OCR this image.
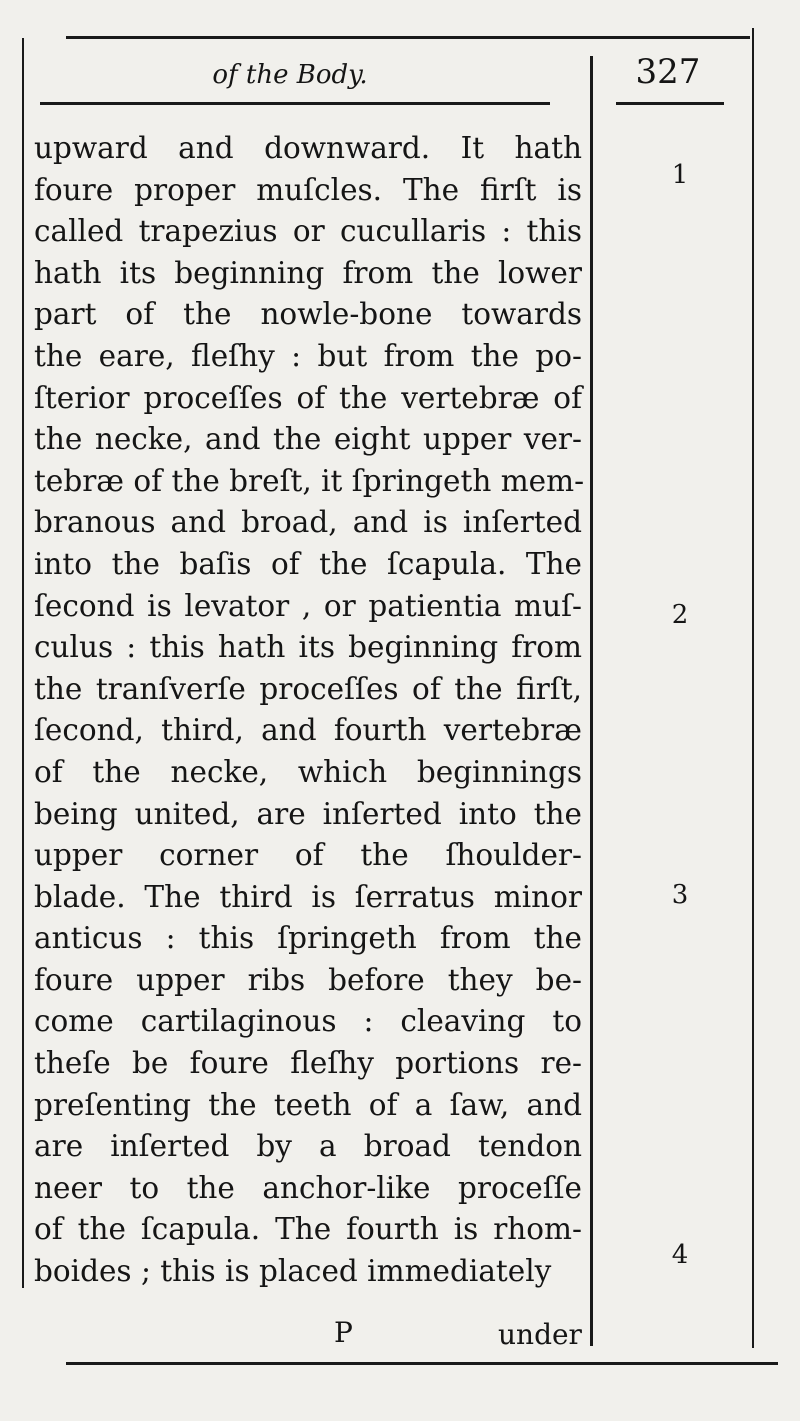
of the Body.	327
upward and downward. It hath
foure proper muſcles. The firſt is
called trapezius or cucullaris : this
hath its beginning from the lower
part of the nowle-bone towards
the eare, fleſhy : but from the po-
ſterior proceſſes of the vertebræ of
the necke, and the eight upper ver-
tebræ of the breſt, it ſpringeth mem-
branous and broad, and is inſerted
into the baſis of the ſcapula. The
ſecond is levator , or patientia muſ-
culus : this hath its beginning from
the tranſverſe proceſſes of the firſt,
ſecond, third, and fourth vertebræ
of the necke, which beginnings
being united, are inſerted into the
upper corner of the ſhoulder-
blade. The third is ſerratus minor
anticus : this ſpringeth from the
foure upper ribs before they be-
come cartilaginous : cleaving to
theſe be foure fleſhy portions re-
preſenting the teeth of a ſaw, and
are inſerted by a broad tendon
neer to the anchor-like proceſſe
of the ſcapula. The fourth is rhom-
boides ; this is placed immediately
1
2
3
4
P	under
